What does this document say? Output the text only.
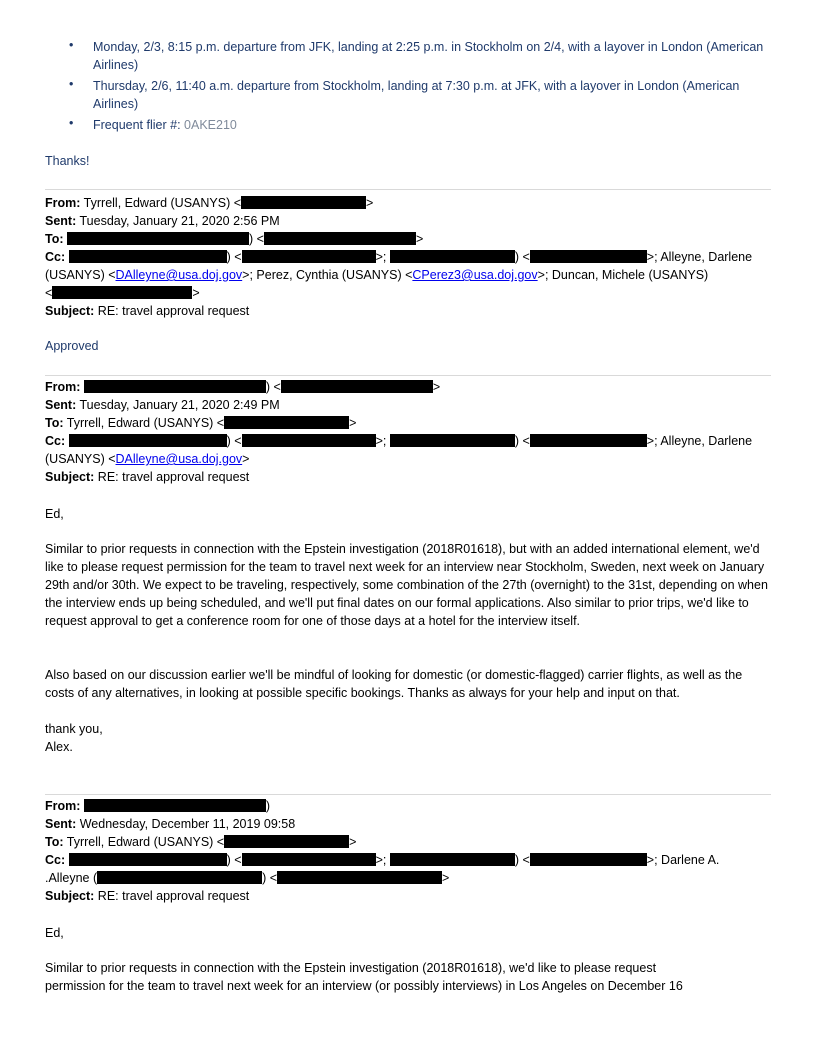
• Monday, 2/3, 8:15 p.m. departure from JFK, landing at 2:25 p.m. in Stockholm on 2/4, with a layover in London (American Airlines)
• Thursday, 2/6, 11:40 a.m. departure from Stockholm, landing at 7:30 p.m. at JFK, with a layover in London (American Airlines)
• Frequent flier #: 0AKE210
Thanks!
From: Tyrrell, Edward (USANYS) <	>
Sent: Tuesday, January 21, 2020 2:56 PM
To:	) <	>
Cc:	) <	>;	) <	>; Alleyne, Darlene
(USANYS) <DAlleyne@usa.doj.gov>; Perez, Cynthia (USANYS) <CPerez3@usa.doj.gov>; Duncan, Michele (USANYS)
<	>
Subject: RE: travel approval request
Approved
From:	) <	>
Sent: Tuesday, January 21, 2020 2:49 PM
To: Tyrrell, Edward (USANYS) <	>
Cc:	) <	>;	) <	>; Alleyne, Darlene
(USANYS) <DAlleyne@usa.doj.gov>
Subject: RE: travel approval request
Ed,
Similar to prior requests in connection with the Epstein investigation (2018R01618), but with an added international element, we'd like to please request permission for the team to travel next week for an interview near Stockholm, Sweden, next week on January 29th and/or 30th. We expect to be traveling, respectively, some combination of the 27th (overnight) to the 31st, depending on when the interview ends up being scheduled, and we'll put final dates on our formal applications. Also similar to prior trips, we'd like to request approval to get a conference room for one of those days at a hotel for the interview itself.
Also based on our discussion earlier we'll be mindful of looking for domestic (or domestic-flagged) carrier flights, as well as the costs of any alternatives, in looking at possible specific bookings. Thanks as always for your help and input on that.
thank you,
Alex.
From:	)
Sent: Wednesday, December 11, 2019 09:58
To: Tyrrell, Edward (USANYS) <	>
Cc:	) <	>;	) <	>; Darlene A.
.Alleyne (	) <	>
Subject: RE: travel approval request
Ed,
Similar to prior requests in connection with the Epstein investigation (2018R01618), we'd like to please request
permission for the team to travel next week for an interview (or possibly interviews) in Los Angeles on December 16
